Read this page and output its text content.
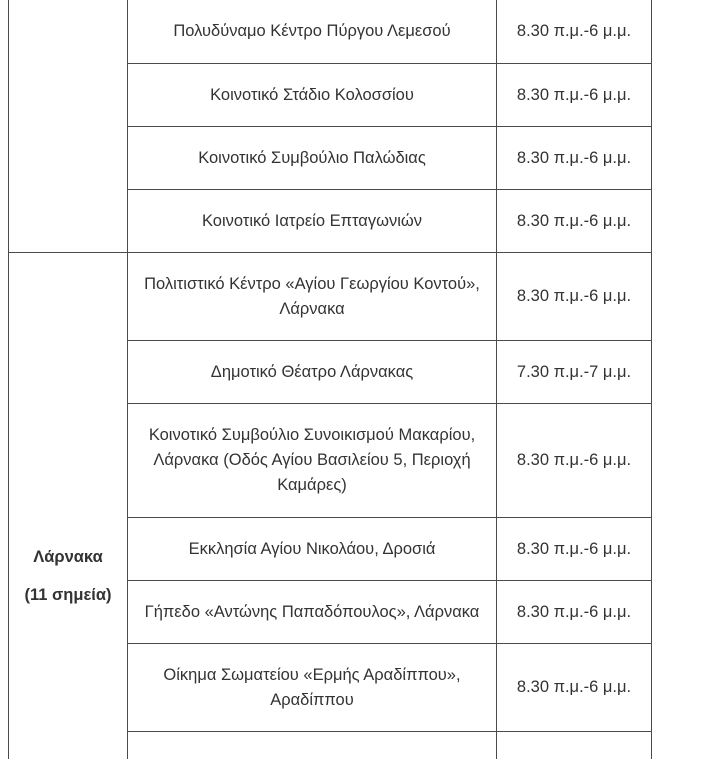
	Πολυδύναμο Κέντρο Πύργου Λεμεσού	8.30 π.μ.-6 μ.μ.
	Κοινοτικό Στάδιο Κολοσσίου	8.30 π.μ.-6 μ.μ.
	Κοινοτικό Συμβούλιο Παλώδιας	8.30 π.μ.-6 μ.μ.
	Κοινοτικό Ιατρείο Επταγωνιών	8.30 π.μ.-6 μ.μ.

Λάρνακα
(11 σημεία)	Πολιτιστικό Κέντρο «Αγίου Γεωργίου Κοντού», Λάρνακα	8.30 π.μ.-6 μ.μ.
	Δημοτικό Θέατρο Λάρνακας	7.30 π.μ.-7 μ.μ.
	Κοινοτικό Συμβούλιο Συνοικισμού Μακαρίου, Λάρνακα (Οδός Αγίου Βασιλείου 5, Περιοχή Καμάρες)	8.30 π.μ.-6 μ.μ.
	Εκκλησία Αγίου Νικολάου, Δροσιά	8.30 π.μ.-6 μ.μ.
	Γήπεδο «Αντώνης Παπαδόπουλος», Λάρνακα	8.30 π.μ.-6 μ.μ.
	Οίκημα Σωματείου «Ερμής Αραδίππου», Αραδίππου	8.30 π.μ.-6 μ.μ.
